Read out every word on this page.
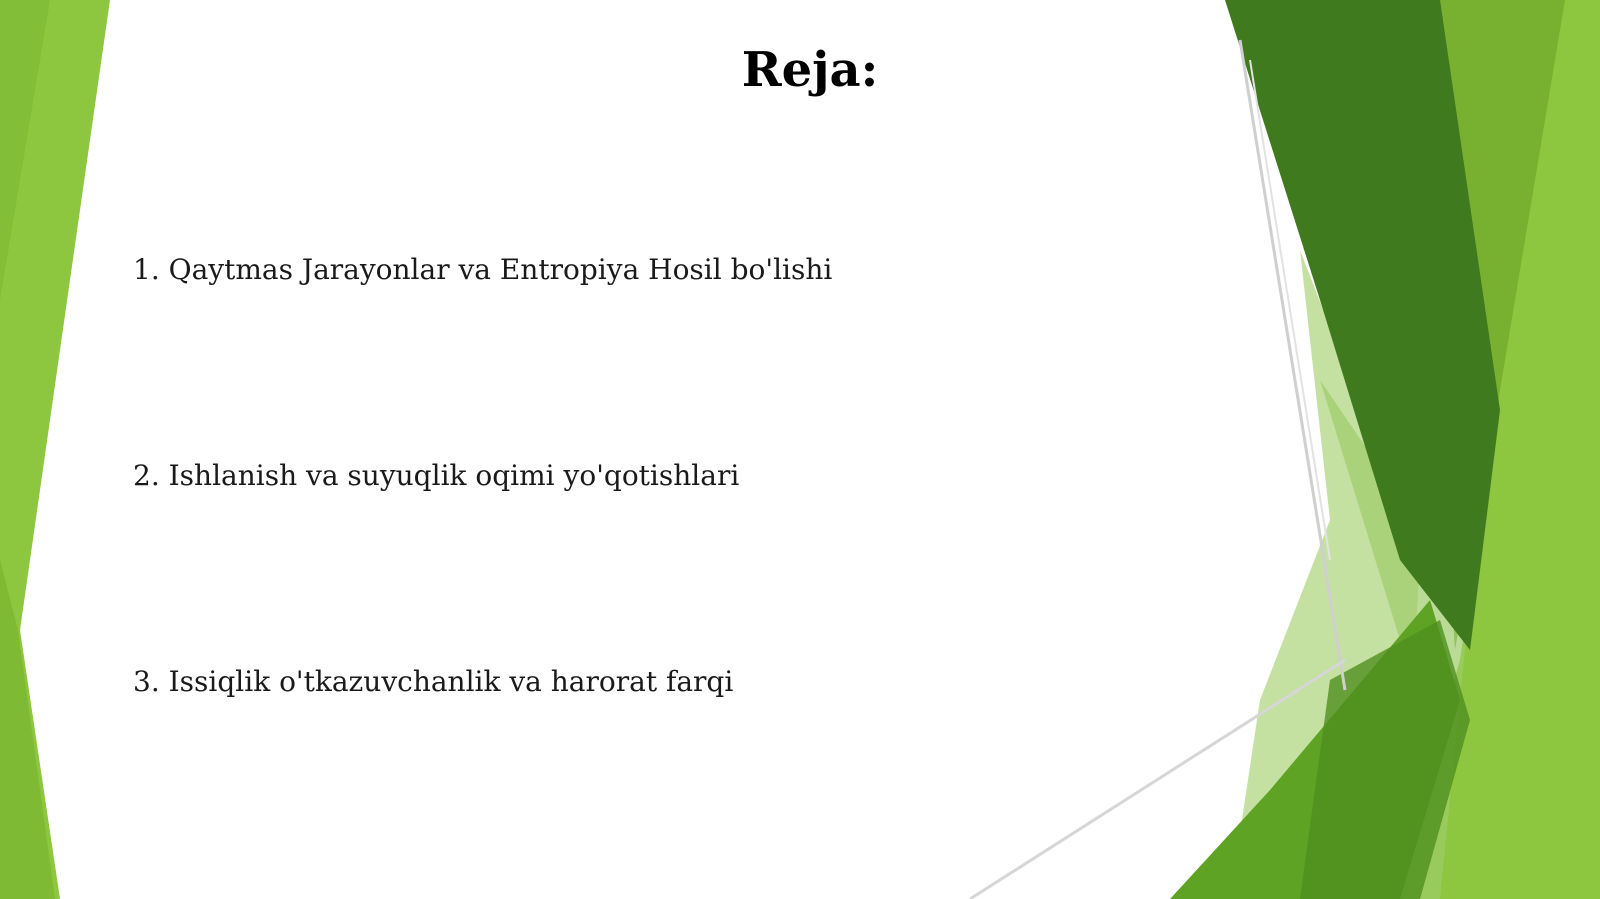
Reja:

1. Qaytmas Jarayonlar va Entropiya Hosil bo'lishi

2. Ishlanish va suyuqlik oqimi yo'qotishlari

3. Issiqlik o'tkazuvchanlik va harorat farqi
